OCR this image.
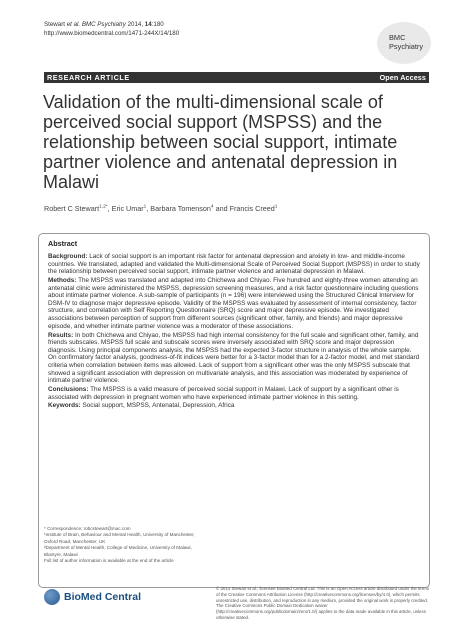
Stewart et al. BMC Psychiatry 2014, 14:180
http://www.biomedcentral.com/1471-244X/14/180	BMC
Psychiatry
RESEARCH ARTICLE	Open Access
Validation of the multi-dimensional scale of perceived social support (MSPSS) and the relationship between social support, intimate partner violence and antenatal depression in Malawi
Robert C Stewart$^{1,2*}$, Eric Umar$^1$, Barbara Tomenson$^4$ and Francis Creed$^1$
Abstract

Background: Lack of social support is an important risk factor for antenatal depression and anxiety in low- and middle-income countries. We translated, adapted and validated the Multi-dimensional Scale of Perceived Social Support (MSPSS) in order to study the relationship between perceived social support, intimate partner violence and antenatal depression in Malawi.

Methods: The MSPSS was translated and adapted into Chichewa and Chiyao. Five hundred and eighty-three women attending an antenatal clinic were administered the MSPSS, depression screening measures, and a risk factor questionnaire including questions about intimate partner violence. A sub-sample of participants (n = 196) were interviewed using the Structured Clinical Interview for DSM-IV to diagnose major depressive episode. Validity of the MSPSS was evaluated by assessment of internal consistency, factor structure, and correlation with Self Reporting Questionnaire (SRQ) score and major depressive episode. We investigated associations between perception of support from different sources (significant other, family, and friends) and major depressive episode, and whether intimate partner violence was a moderator of these associations.

Results: In both Chichewa and Chiyao, the MSPSS had high internal consistency for the full scale and significant other, family, and friends subscales. MSPSS full scale and subscale scores were inversely associated with SRQ score and major depression diagnosis. Using principal components analysis, the MSPSS had the expected 3-factor structure in analysis of the whole sample. On confirmatory factor analysis, goodness-of-fit indices were better for a 3-factor model than for a 2-factor model, and met standard criteria when correlation between items was allowed. Lack of support from a significant other was the only MSPSS subscale that showed a significant association with depression on multivariate analysis, and this association was moderated by experience of intimate partner violence.

Conclusions: The MSPSS is a valid measure of perceived social support in Malawi. Lack of support by a significant other is associated with depression in pregnant women who have experienced intimate partner violence in this setting.

Keywords: Social support, MSPSS, Antenatal, Depression, Africa

* Correspondence: robcstewart@mac.com
¹Institute of Brain, Behaviour and Mental Health, University of Manchester,
Oxford Road, Manchester, UK
²Department of Mental Health, College of Medicine, University of Malawi,
Blantyre, Malawi
Full list of author information is available at the end of the article
BioMed Central
© 2014 Stewart et al.; licensee BioMed Central Ltd. This is an Open Access article distributed under the terms of the Creative Commons Attribution License (http://creativecommons.org/licenses/by/4.0), which permits unrestricted use, distribution, and reproduction in any medium, provided the original work is properly credited. The Creative Commons Public Domain Dedication waiver (http://creativecommons.org/publicdomain/zero/1.0/) applies to the data made available in this article, unless otherwise stated.
